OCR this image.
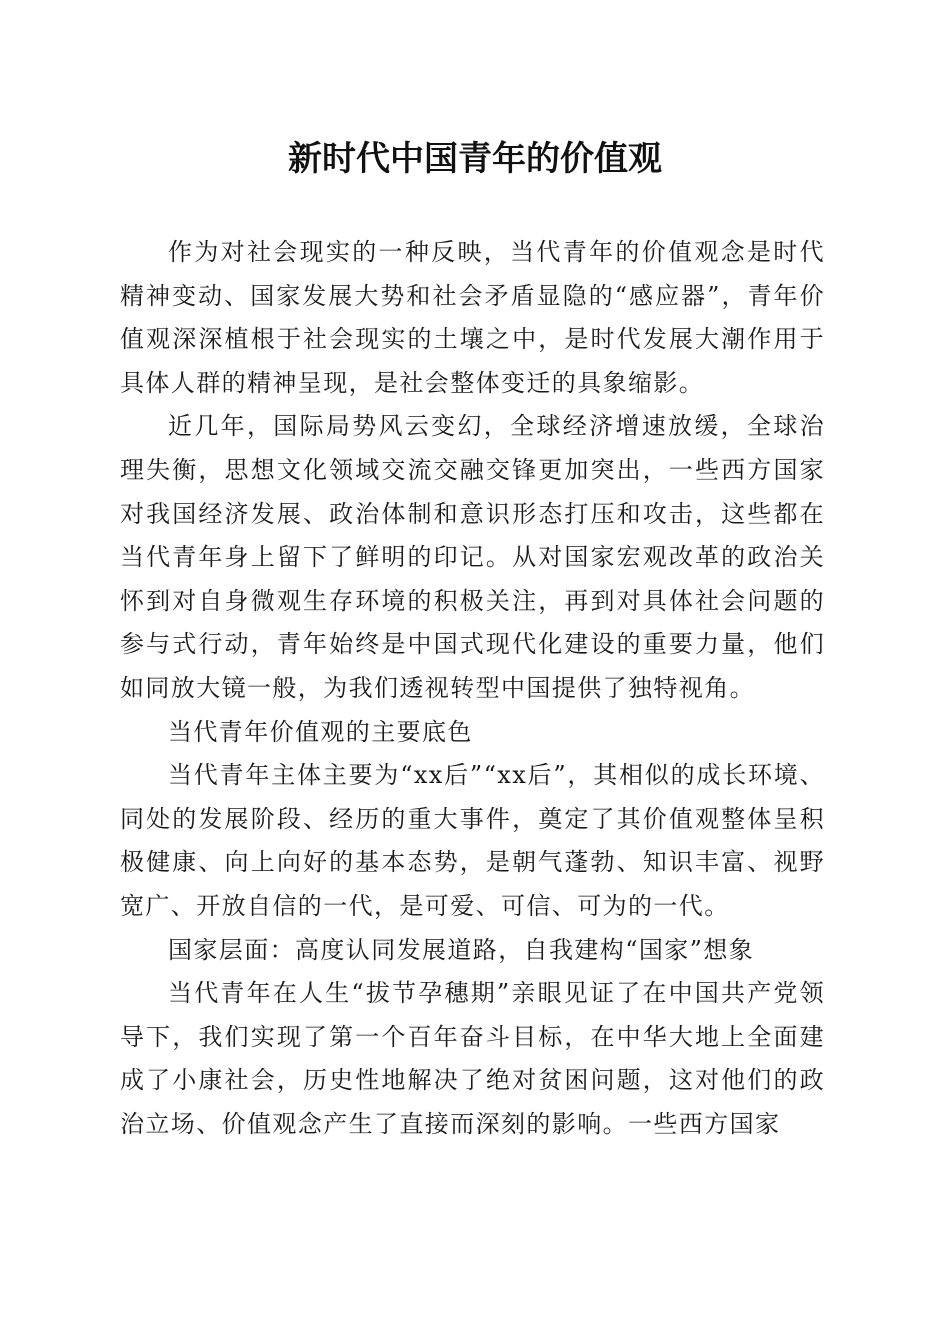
新时代中国青年的价值观

作为对社会现实的一种反映，当代青年的价值观念是时代精神变动、国家发展大势和社会矛盾显隐的“感应器”，青年价值观深深植根于社会现实的土壤之中，是时代发展大潮作用于具体人群的精神呈现，是社会整体变迁的具象缩影。

近几年，国际局势风云变幻，全球经济增速放缓，全球治理失衡，思想文化领域交流交融交锋更加突出，一些西方国家对我国经济发展、政治体制和意识形态打压和攻击，这些都在当代青年身上留下了鲜明的印记。从对国家宏观改革的政治关怀到对自身微观生存环境的积极关注，再到对具体社会问题的参与式行动，青年始终是中国式现代化建设的重要力量，他们如同放大镜一般，为我们透视转型中国提供了独特视角。

当代青年价值观的主要底色

当代青年主体主要为“xx后”“xx后”，其相似的成长环境、同处的发展阶段、经历的重大事件，奠定了其价值观整体呈积极健康、向上向好的基本态势，是朝气蓬勃、知识丰富、视野宽广、开放自信的一代，是可爱、可信、可为的一代。

国家层面：高度认同发展道路，自我建构“国家”想象

当代青年在人生“拔节孕穗期”亲眼见证了在中国共产党领导下，我们实现了第一个百年奋斗目标，在中华大地上全面建成了小康社会，历史性地解决了绝对贫困问题，这对他们的政治立场、价值观念产生了直接而深刻的影响。一些西方国家
